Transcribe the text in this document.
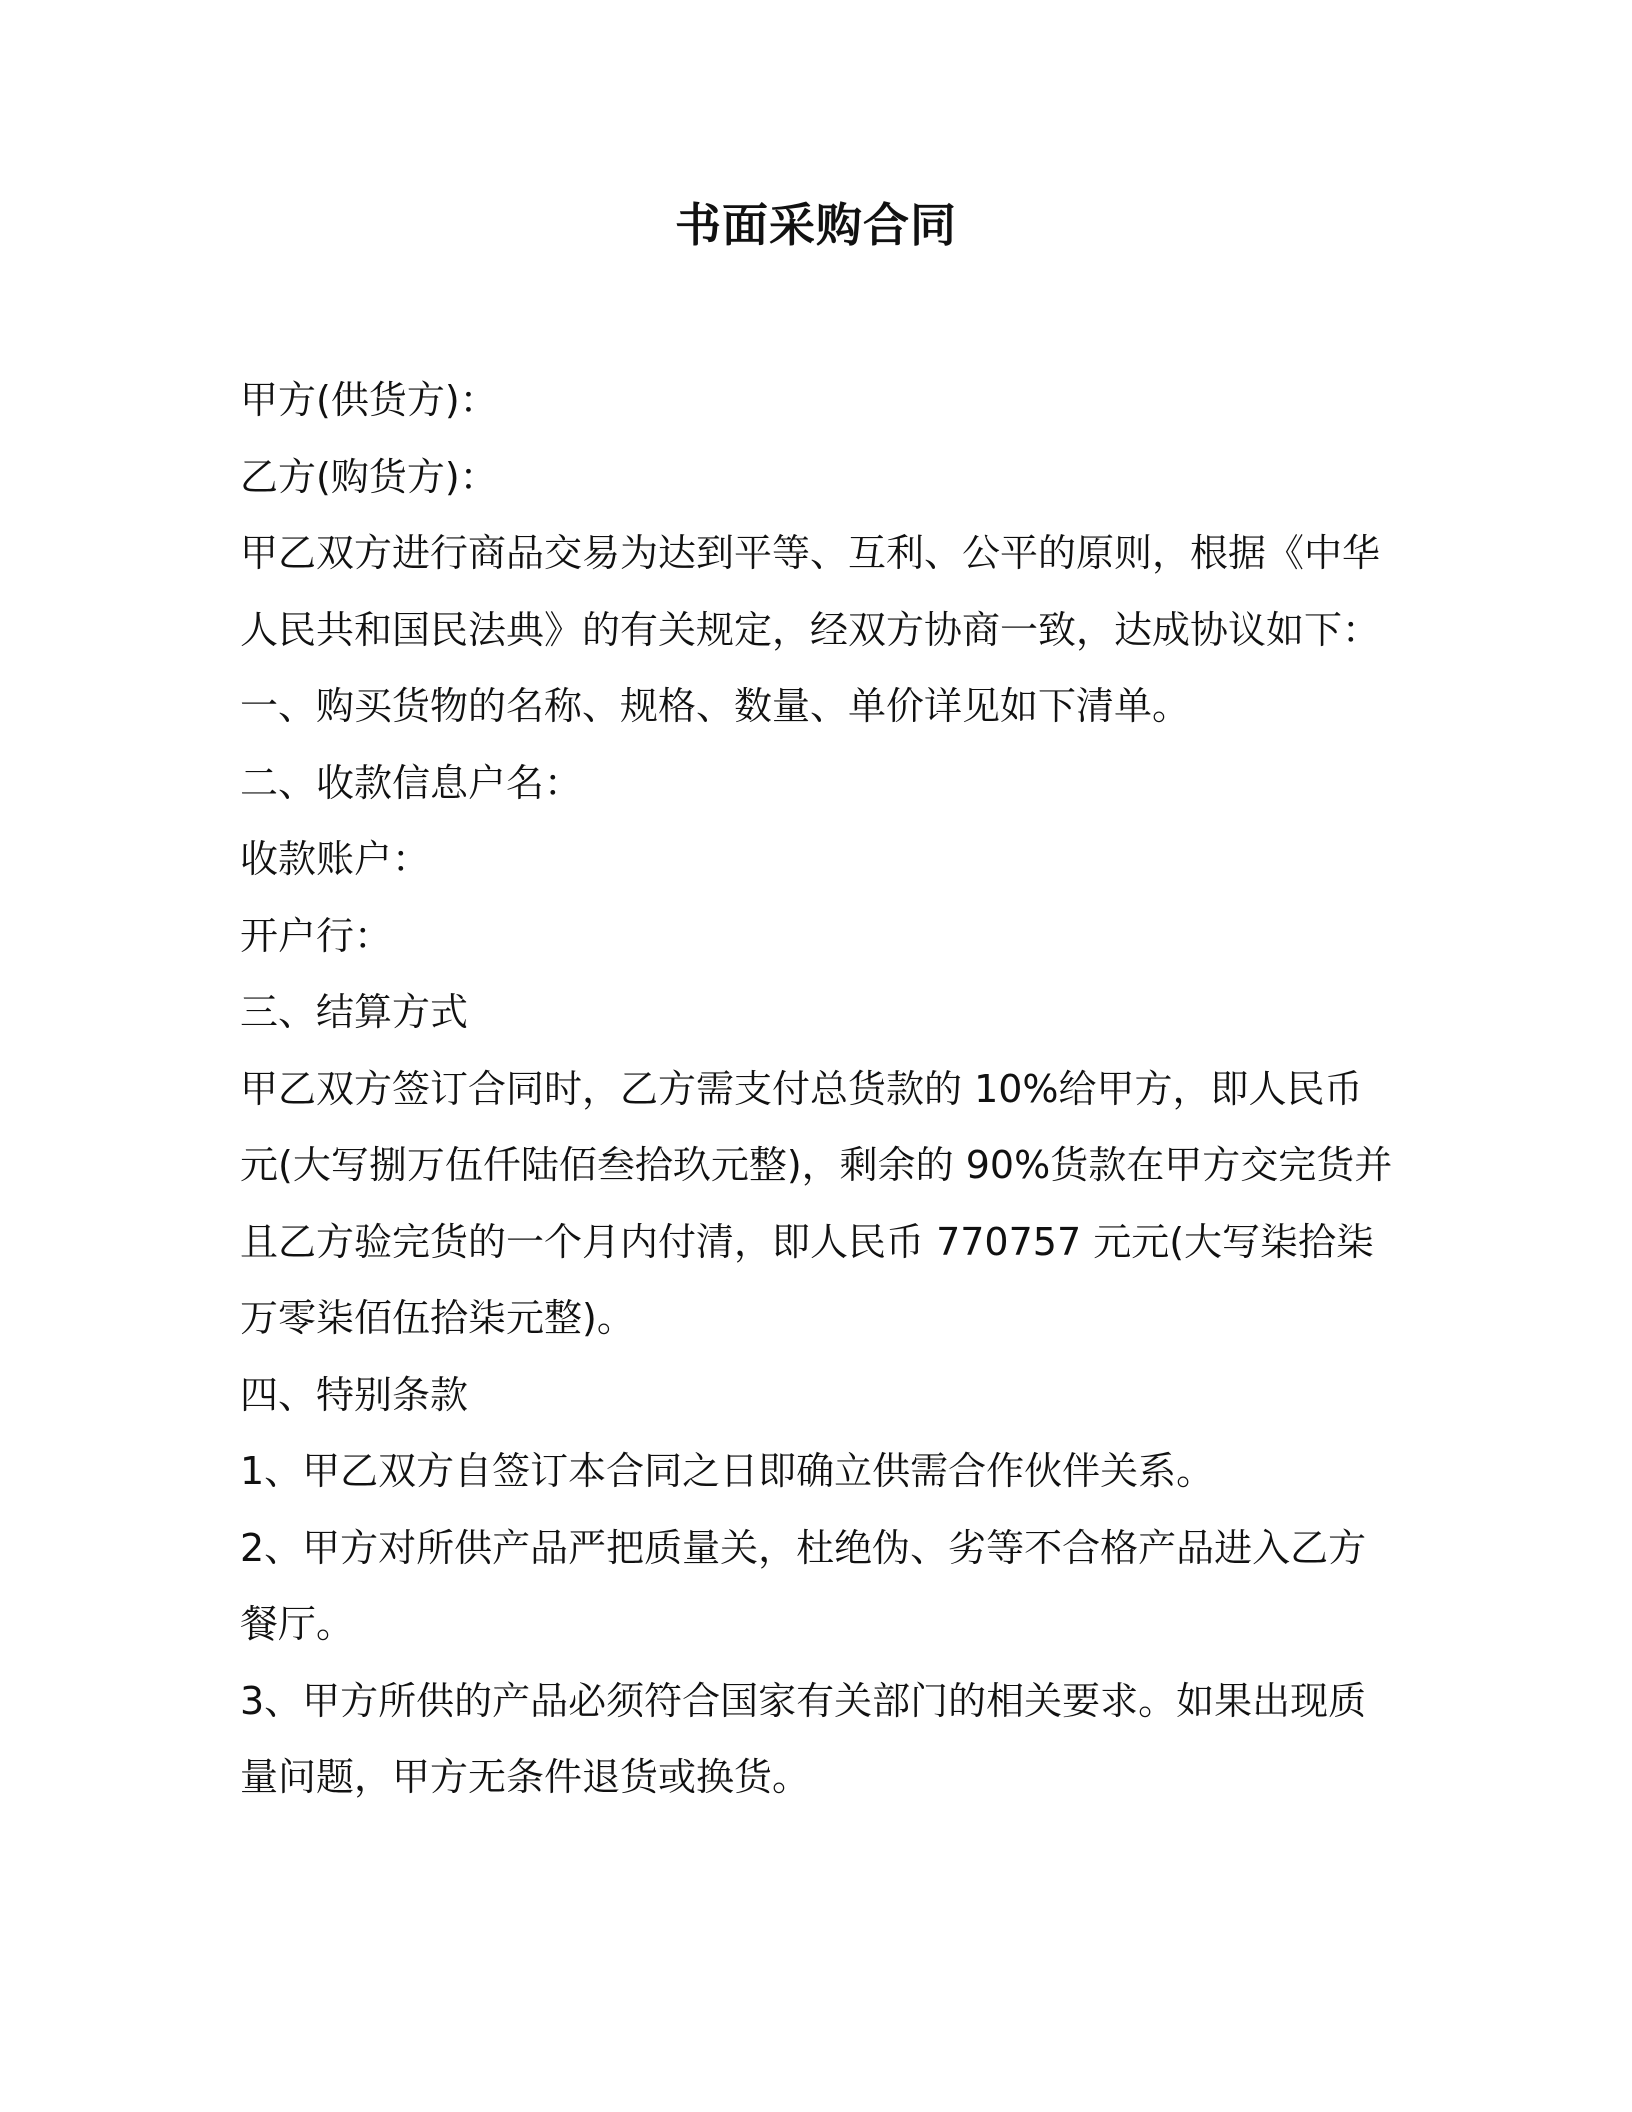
书面采购合同

甲方(供货方)：

乙方(购货方)：

甲乙双方进行商品交易为达到平等、互利、公平的原则，根据《中华人民共和国民法典》的有关规定，经双方协商一致，达成协议如下：

一、购买货物的名称、规格、数量、单价详见如下清单。

二、收款信息户名：

收款账户：

开户行：

三、结算方式

甲乙双方签订合同时，乙方需支付总货款的 10%给甲方，即人民币元(大写捌万伍仟陆佰叁拾玖元整)，剩余的 90%货款在甲方交完货并且乙方验完货的一个月内付清，即人民币 770757 元元(大写柒拾柒万零柒佰伍拾柒元整)。

四、特别条款

1、甲乙双方自签订本合同之日即确立供需合作伙伴关系。

2、甲方对所供产品严把质量关，杜绝伪、劣等不合格产品进入乙方餐厅。

3、甲方所供的产品必须符合国家有关部门的相关要求。如果出现质量问题，甲方无条件退货或换货。
